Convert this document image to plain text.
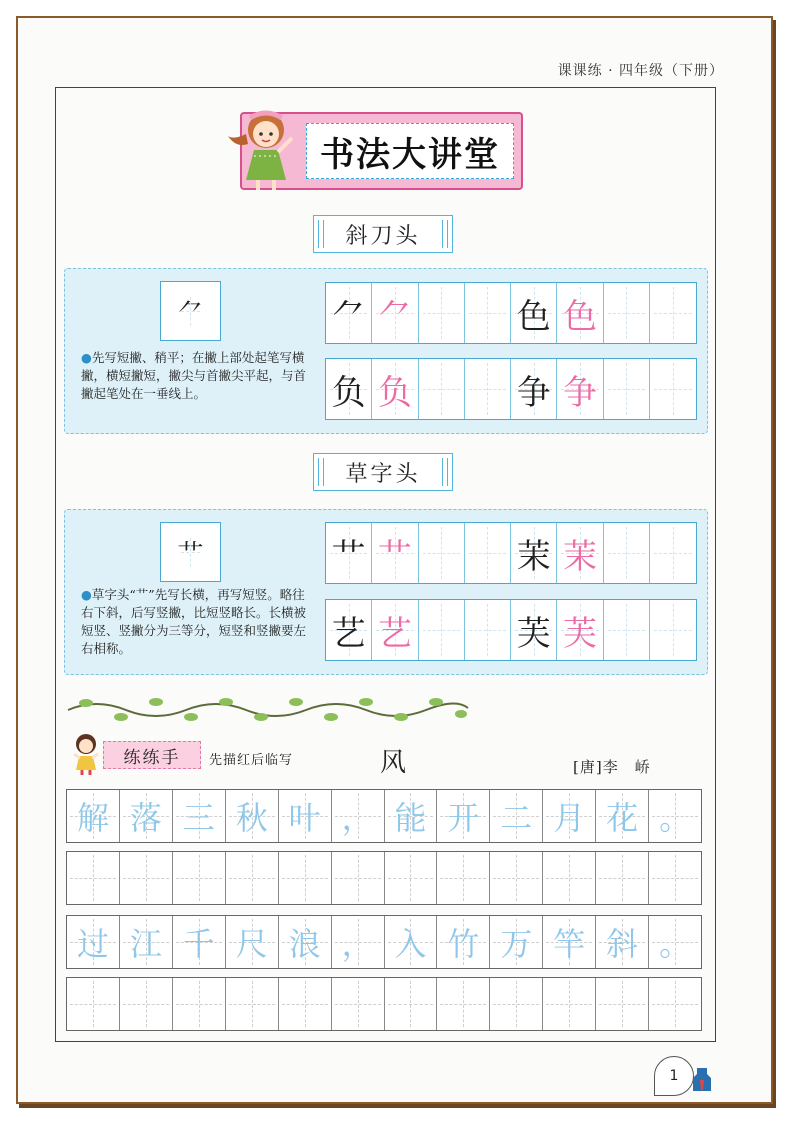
课课练 · 四年级（下册）
书法大讲堂
斜刀头
⺈
●先写短撇、稍平；在撇上部处起笔写横撇，横短撇短，撇尖与首撇尖平起，与首撇起笔处在一垂线上。
⺈ ⺈	色 色
负 负	争 争
草字头
艹
●草字头“艹”先写长横，再写短竖。略往右下斜，后写竖撇，比短竖略长。长横被短竖、竖撇分为三等分，短竖和竖撇要左右相称。
艹 艹	茉 茉
艺 艺	芙 芙
练练手	先描红后临写	风	[唐]李　峤
解 落 三 秋 叶 ， 能 开 二 月 花 。
过 江 千 尺 浪 ， 入 竹 万 竿 斜 。
1
